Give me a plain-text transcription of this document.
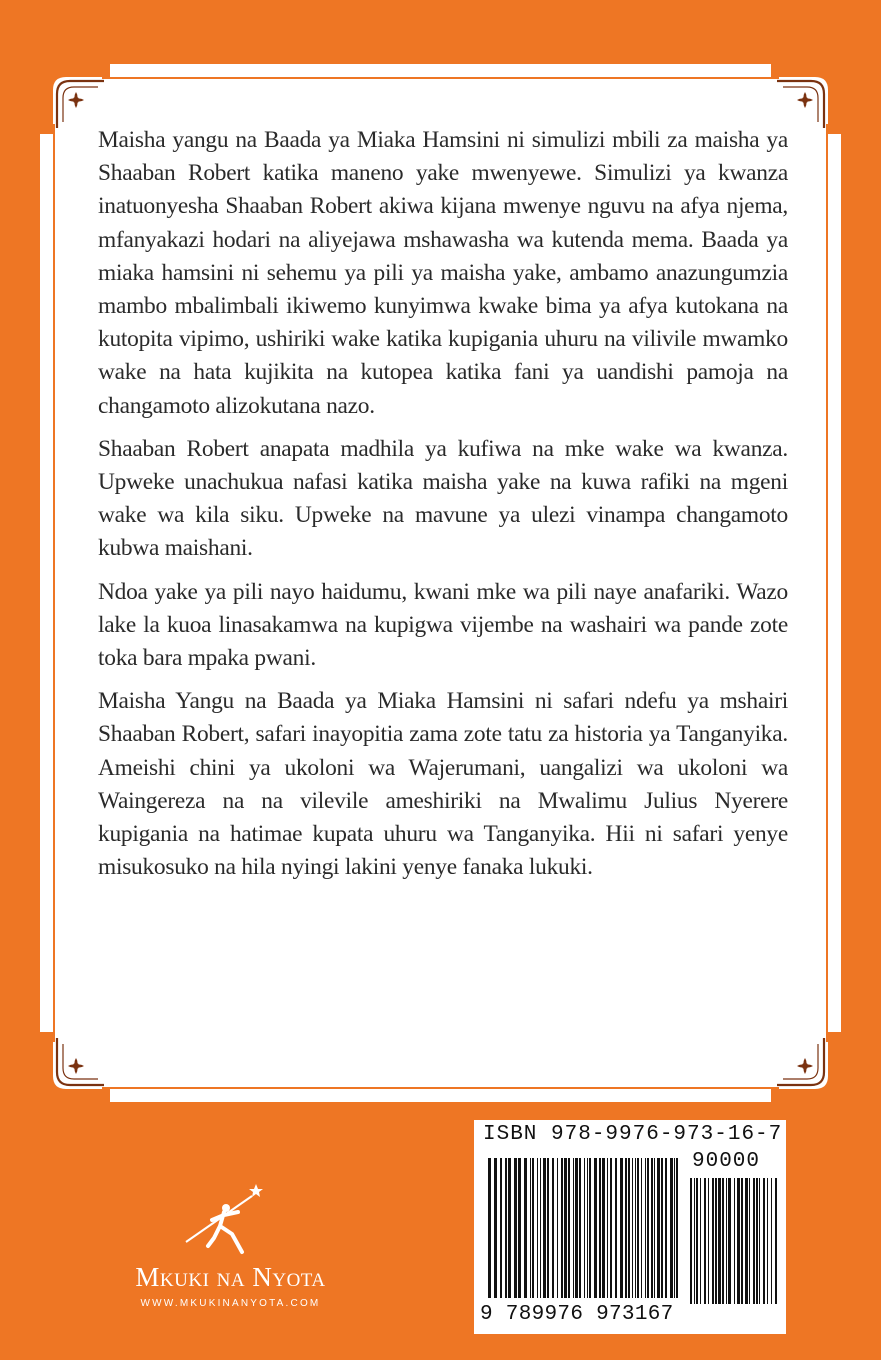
Maisha yangu na Baada ya Miaka Hamsini ni simulizi mbili za maisha ya Shaaban Robert katika maneno yake mwenyewe. Simulizi ya kwanza inatuonyesha Shaaban Robert akiwa kijana mwenye nguvu na afya njema, mfanyakazi hodari na aliyejawa mshawasha wa kutenda mema. Baada ya miaka hamsini ni sehemu ya pili ya maisha yake, ambamo anazungumzia mambo mbalimbali ikiwemo kunyimwa kwake bima ya afya kutokana na kutopita vipimo, ushiriki wake katika kupigania uhuru na vilivile mwamko wake na hata kujikita na kutopea katika fani ya uandishi pamoja na changamoto alizokutana nazo.

Shaaban Robert anapata madhila ya kufiwa na mke wake wa kwanza. Upweke unachukua nafasi katika maisha yake na kuwa rafiki na mgeni wake wa kila siku. Upweke na mavune ya ulezi vinampa changamoto kubwa maishani.

Ndoa yake ya pili nayo haidumu, kwani mke wa pili naye anafariki. Wazo lake la kuoa linasakamwa na kupigwa vijembe na washairi wa pande zote toka bara mpaka pwani.

Maisha Yangu na Baada ya Miaka Hamsini ni safari ndefu ya mshairi Shaaban Robert, safari inayopitia zama zote tatu za historia ya Tanganyika. Ameishi chini ya ukoloni wa Wajerumani, uangalizi wa ukoloni wa Waingereza na na vilevile ameshiriki na Mwalimu Julius Nyerere kupigania na hatimae kupata uhuru wa Tanganyika. Hii ni safari yenye misukosuko na hila nyingi lakini yenye fanaka lukuki.

Mkuki na Nyota
WWW.MKUKINANYOTA.COM
ISBN 978-9976-973-16-7
90000
9 789976 973167
